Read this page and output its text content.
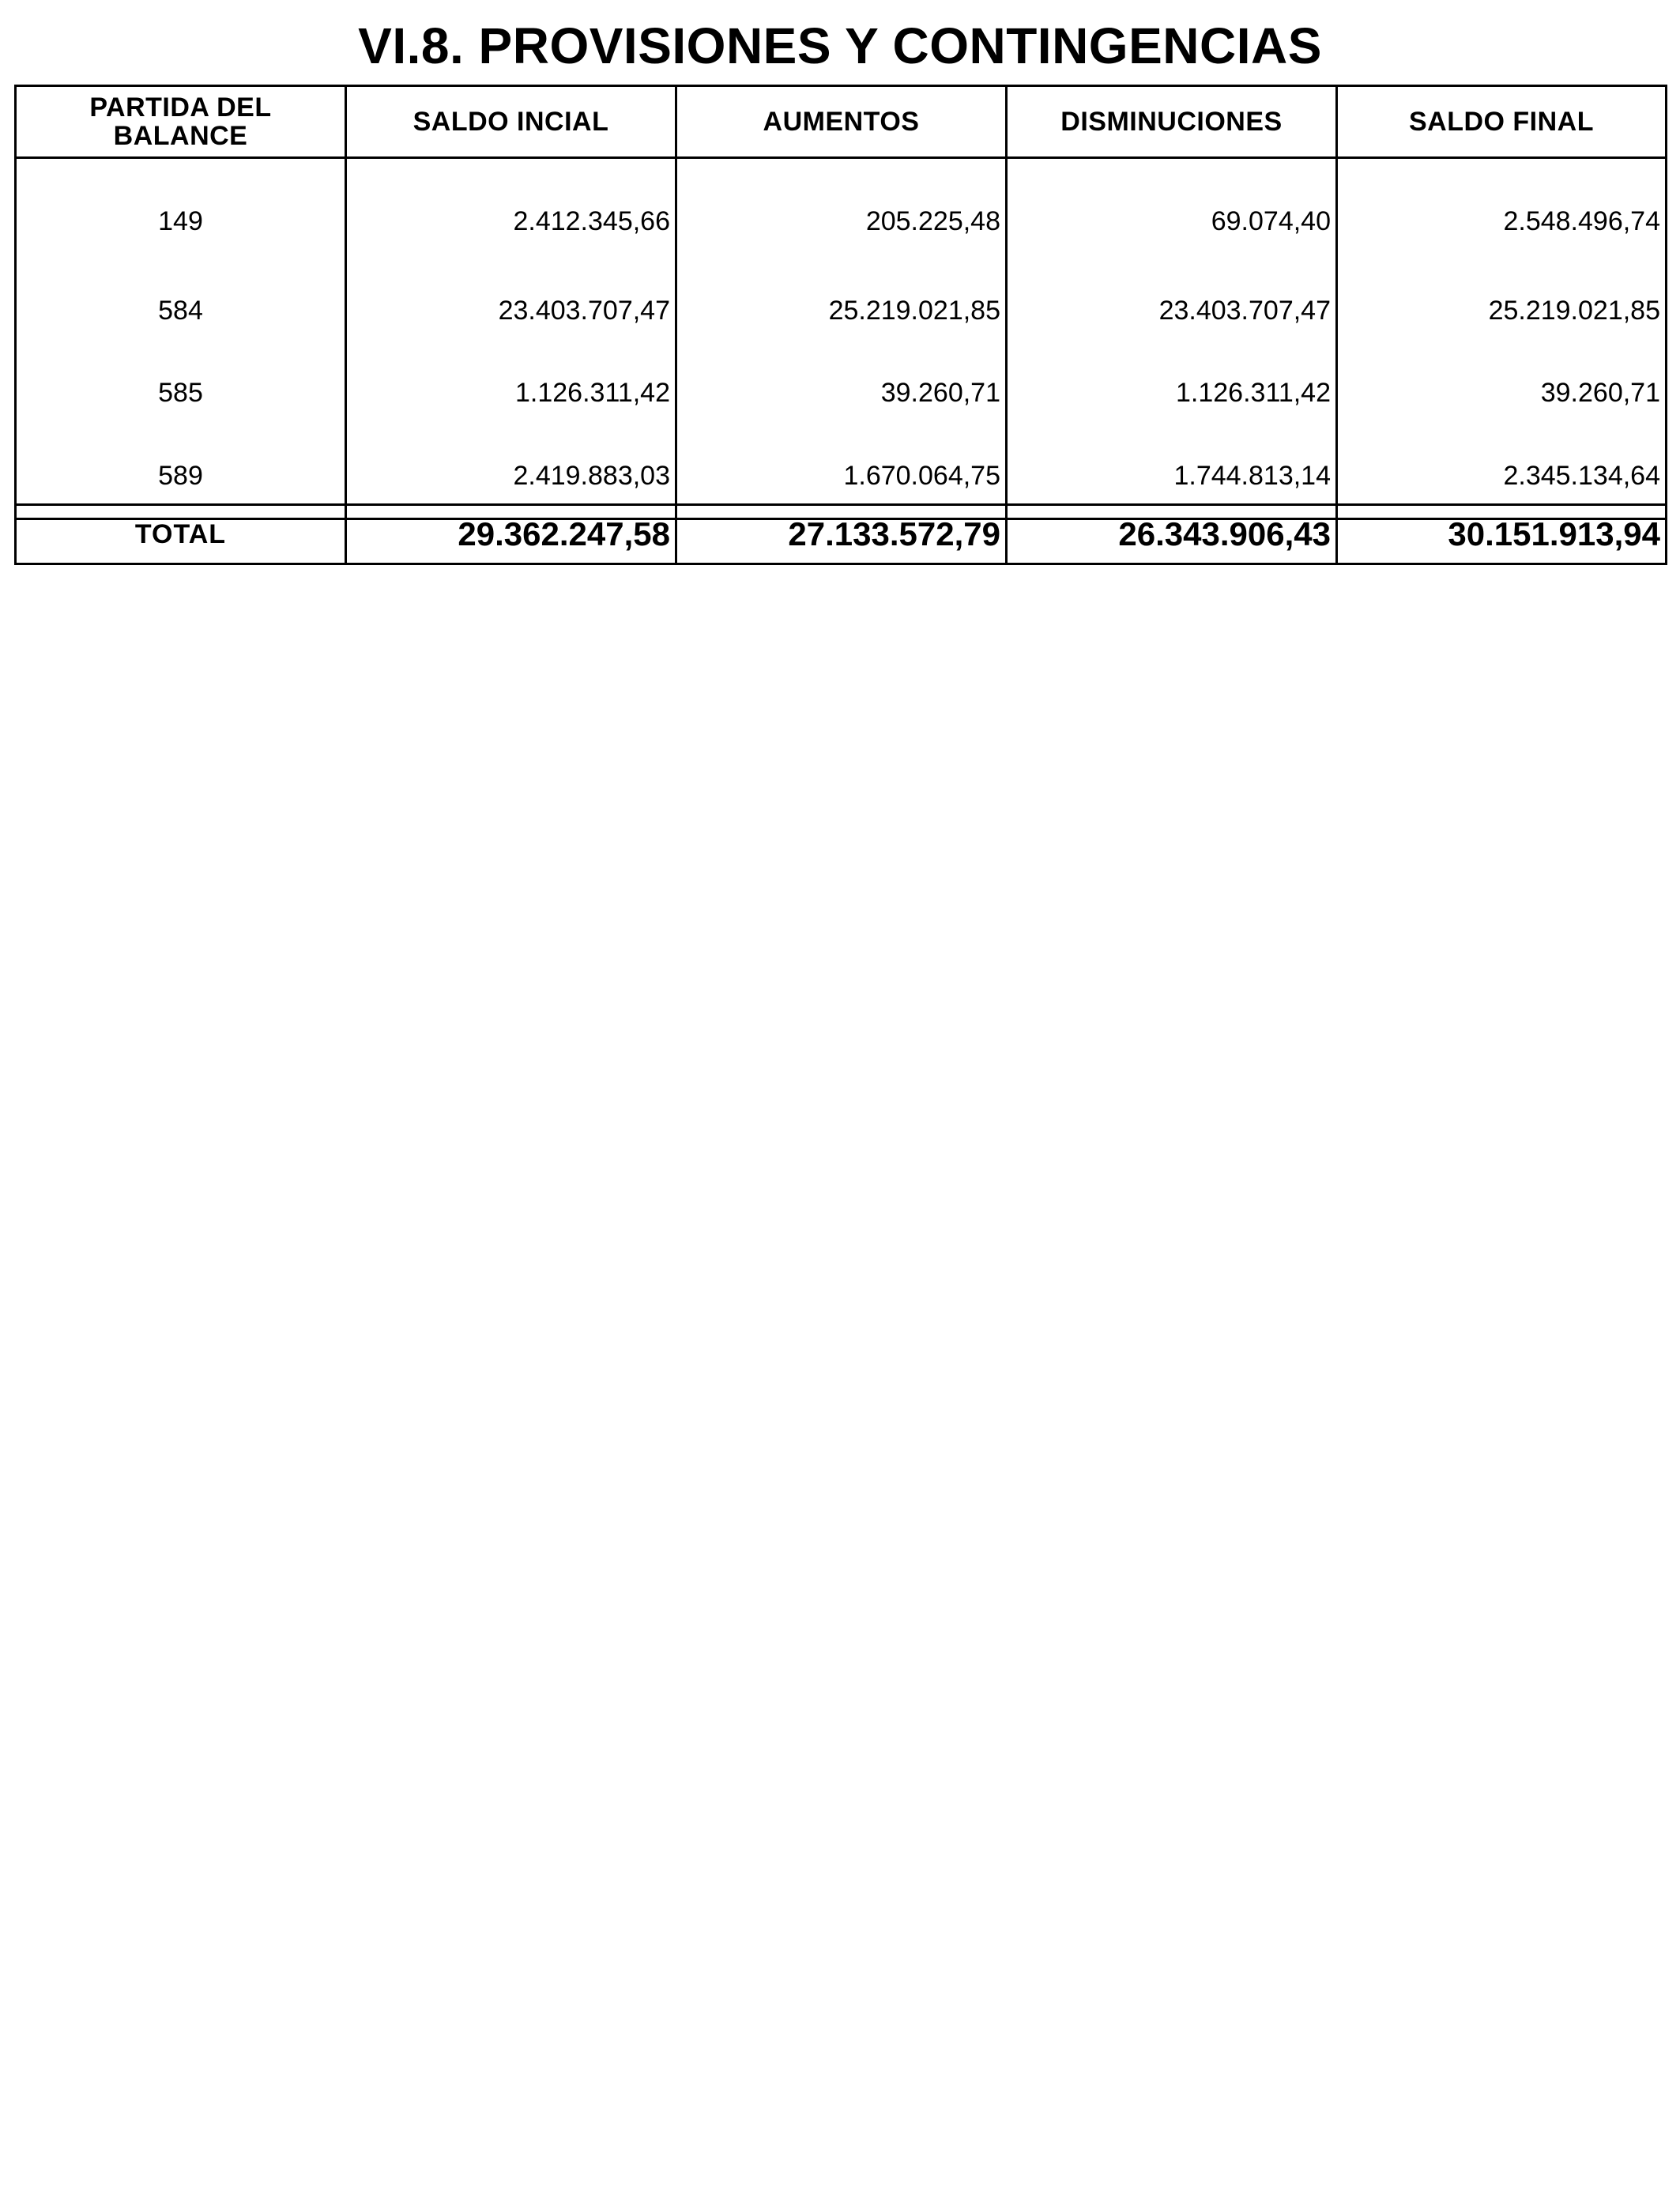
VI.8. PROVISIONES Y CONTINGENCIAS
PARTIDA DEL BALANCE	SALDO INCIAL	AUMENTOS	DISMINUCIONES	SALDO FINAL
149	2.412.345,66	205.225,48	69.074,40	2.548.496,74
584	23.403.707,47	25.219.021,85	23.403.707,47	25.219.021,85
585	1.126.311,42	39.260,71	1.126.311,42	39.260,71
589	2.419.883,03	1.670.064,75	1.744.813,14	2.345.134,64
TOTAL	29.362.247,58	27.133.572,79	26.343.906,43	30.151.913,94
